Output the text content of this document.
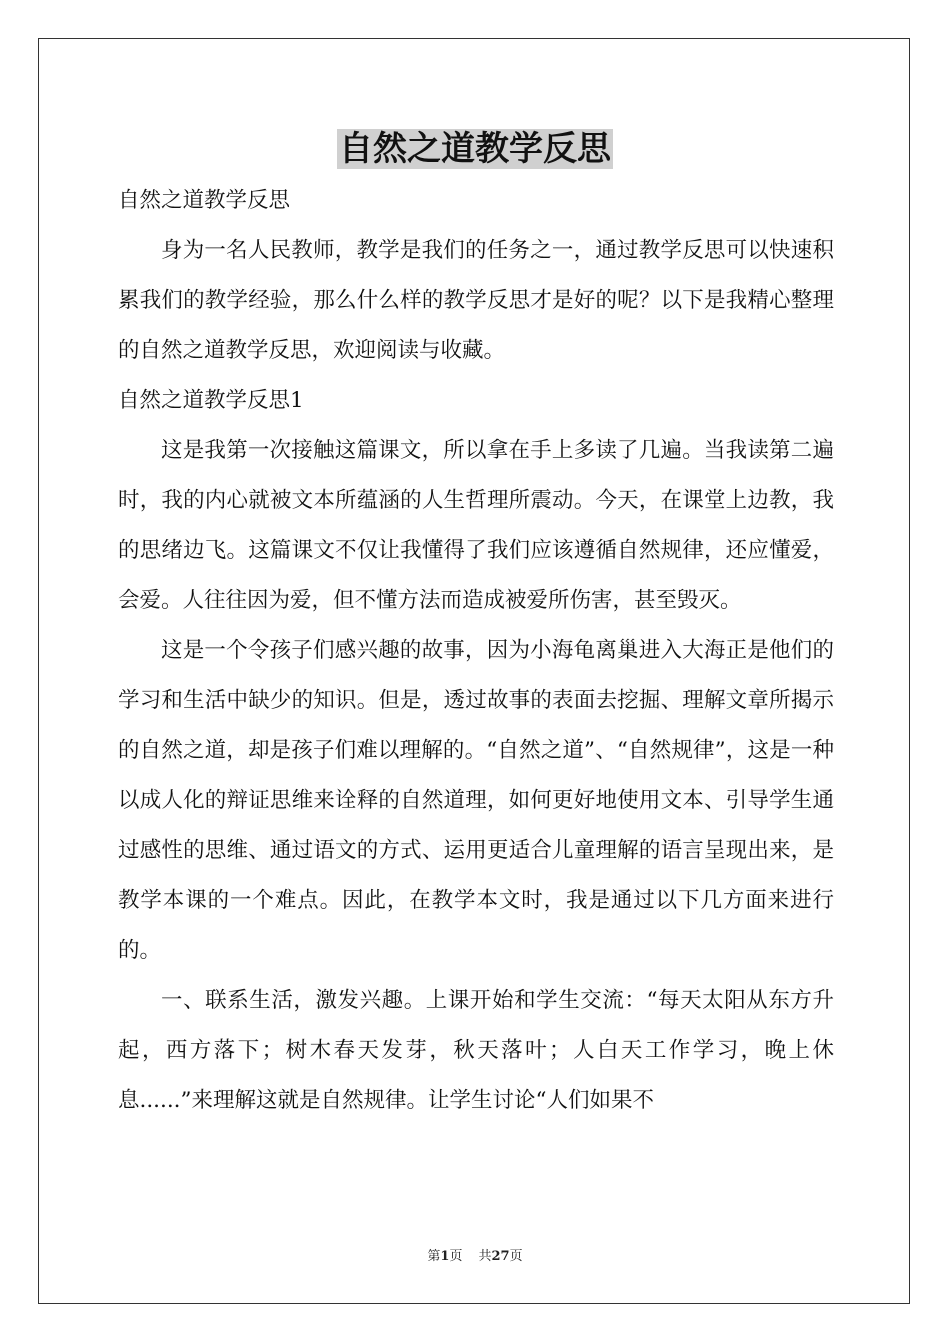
自然之道教学反思

自然之道教学反思

身为一名人民教师，教学是我们的任务之一，通过教学反思可以快速积累我们的教学经验，那么什么样的教学反思才是好的呢？以下是我精心整理的自然之道教学反思，欢迎阅读与收藏。

自然之道教学反思1

这是我第一次接触这篇课文，所以拿在手上多读了几遍。当我读第二遍时，我的内心就被文本所蕴涵的人生哲理所震动。今天，在课堂上边教，我的思绪边飞。这篇课文不仅让我懂得了我们应该遵循自然规律，还应懂爱，会爱。人往往因为爱，但不懂方法而造成被爱所伤害，甚至毁灭。

这是一个令孩子们感兴趣的故事，因为小海龟离巢进入大海正是他们的学习和生活中缺少的知识。但是，透过故事的表面去挖掘、理解文章所揭示的自然之道，却是孩子们难以理解的。“自然之道”、“自然规律”，这是一种以成人化的辩证思维来诠释的自然道理，如何更好地使用文本、引导学生通过感性的思维、通过语文的方式、运用更适合儿童理解的语言呈现出来，是教学本课的一个难点。因此，在教学本文时，我是通过以下几方面来进行的。

一、联系生活，激发兴趣。上课开始和学生交流：“每天太阳从东方升起，西方落下；树木春天发芽，秋天落叶；人白天工作学习，晚上休息......”来理解这就是自然规律。让学生讨论“人们如果不

第1页 共27页
